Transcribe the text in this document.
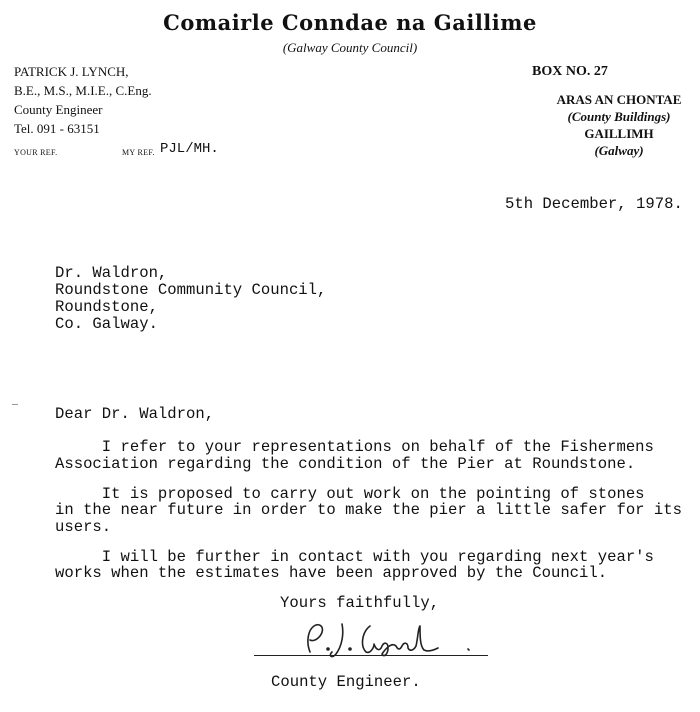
Comairle Conndae na Gaillime
(Galway County Council)
PATRICK J. LYNCH,
B.E., M.S., M.I.E., C.Eng.
County Engineer
Tel. 091 - 63151
BOX NO. 27
ARAS AN CHONTAE
(County Buildings)
GAILLIMH
(Galway)
YOUR REF.	MY REF. PJL/MH.
5th December, 1978.
Dr. Waldron,
Roundstone Community Council,
Roundstone,
Co. Galway.
Dear Dr. Waldron,
I refer to your representations on behalf of the Fishermens
Association regarding the condition of the Pier at Roundstone.
It is proposed to carry out work on the pointing of stones
in the near future in order to make the pier a little safer for its
users.
I will be further in contact with you regarding next year's
works when the estimates have been approved by the Council.
Yours faithfully,
County Engineer.
